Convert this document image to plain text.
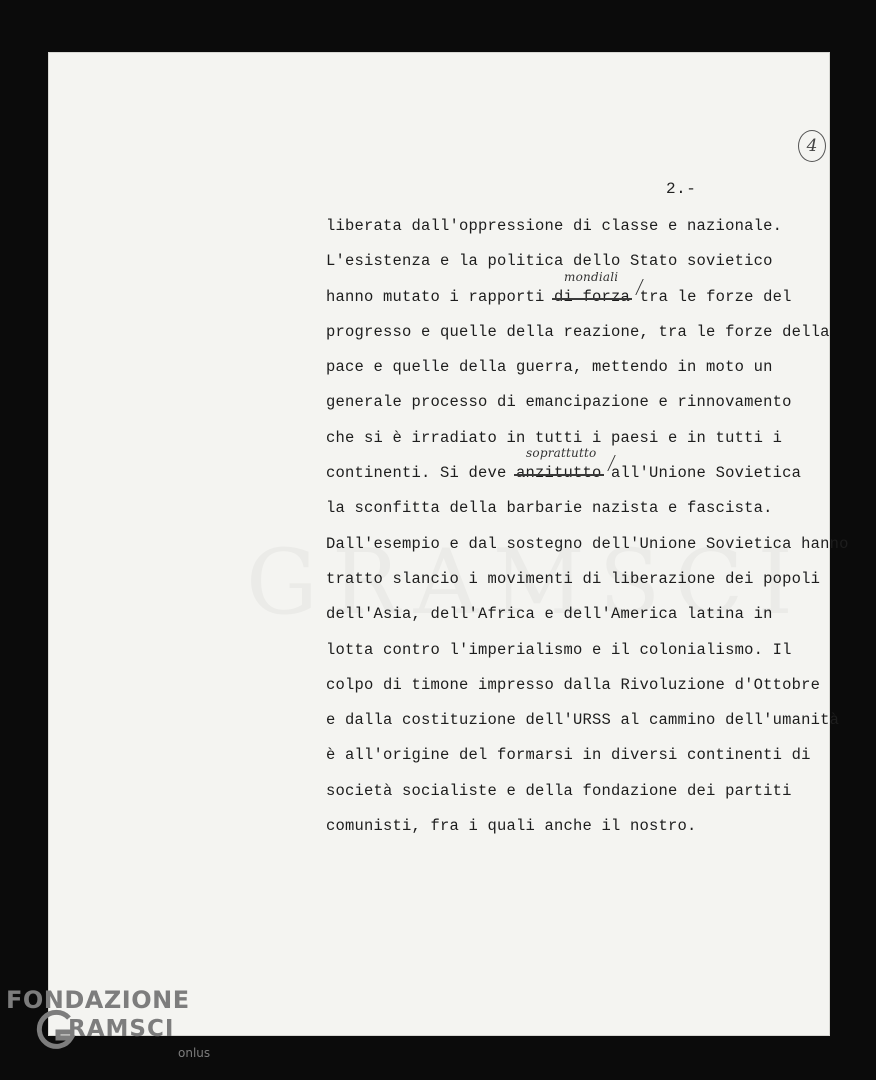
4
2.-
liberata dall'oppressione di classe e nazionale.
L'esistenza e la politica dello Stato sovietico
hanno mutato i rapporti di forza
mondiali
tra le forze del
progresso e quelle della reazione, tra le forze della
pace e quelle della guerra, mettendo in moto un
generale processo di emancipazione e rinnovamento
che si è irradiato in tutti i paesi e in tutti i
continenti. Si deve anzitutto
soprattutto
all'Unione Sovietica
la sconfitta della barbarie nazista e fascista.
Dall'esempio e dal sostegno dell'Unione Sovietica hanno
tratto slancio i movimenti di liberazione dei popoli
dell'Asia, dell'Africa e dell'America latina in
lotta contro l'imperialismo e il colonialismo. Il
colpo di timone impresso dalla Rivoluzione d'Ottobre
e dalla costituzione dell'URSS al cammino dell'umanità
è all'origine del formarsi in diversi continenti di
società socialiste e della fondazione dei partiti
comunisti, fra i quali anche il nostro.
FONDAZIONE
RAMSCI
onlus
